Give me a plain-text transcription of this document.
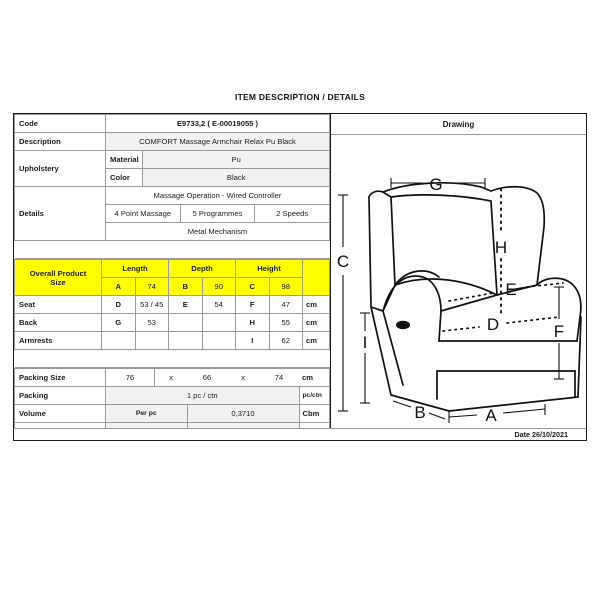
ITEM DESCRIPTION / DETAILS
Code	E9733,2 ( E-00019055 )			
Description	COMFORT Massage Armchair Relax Pu Black			
Upholstery	Material	Pu		
	Color	Black		
Details	Massage Operation - Wired Controller			
	4 Point Massage		5 Programmes	2 Speeds
	Metal Mechanism			

Overall Product
Size	Length		Depth		Height		
	A	74	B	90	C	98	
Seat	D	53 / 45	E	54	F	47	cm
Back	G	53			H	55	cm
Armrests					I	62	cm

Packing Size	76	x	66	x	74	cm
Packing	1 pc / ctn					pc/ctn
Volume	Per pc		0,3710			Cbm

Drawing
C
I
G
H
F
A
B
D
E
Date 26/10/2021
